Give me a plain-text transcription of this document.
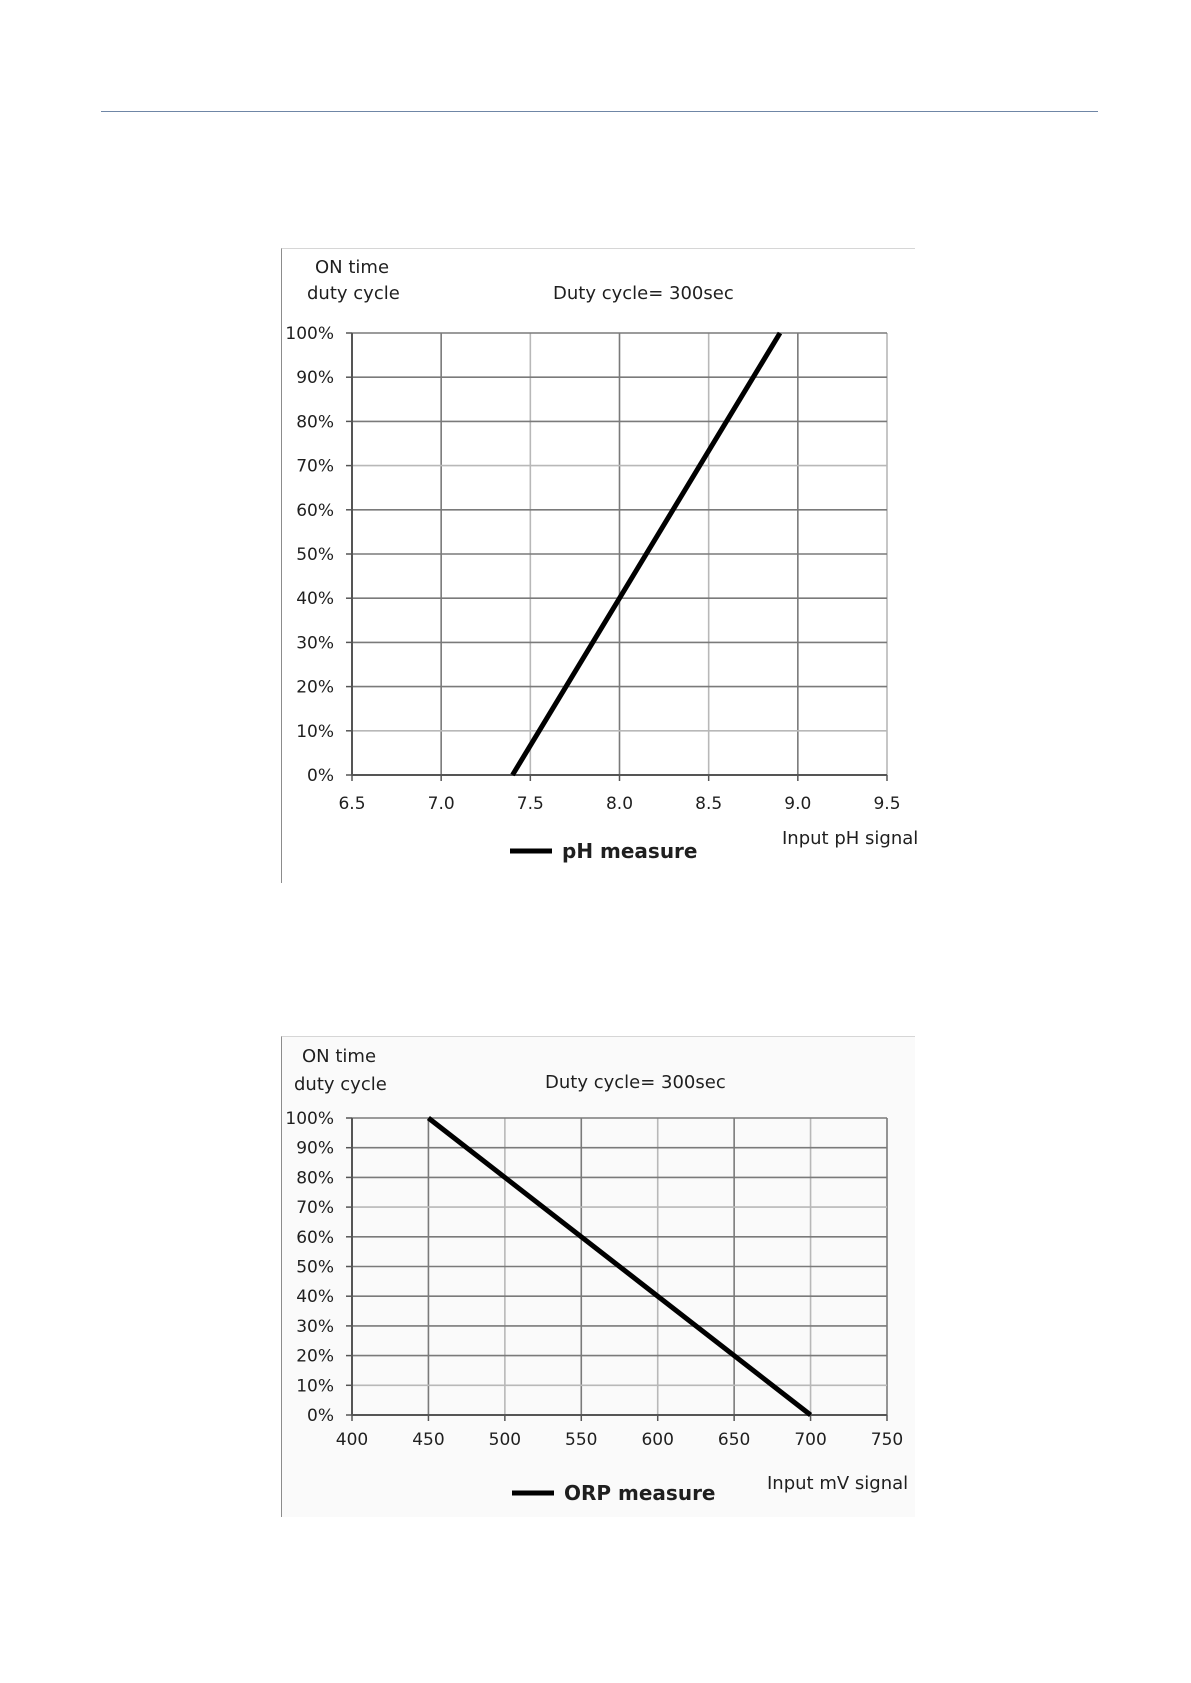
ON time
duty cycle	Duty cycle= 300sec
6.5	7.0	7.5	8.0	8.5	9.0	9.5
0%
10%
20%
30%
40%
50%
60%
70%
80%
90%
100%
Input pH signal
pH measure
ON time
duty cycle	Duty cycle= 300sec
400	450	500	550	600	650	700	750
0%
10%
20%
30%
40%
50%
60%
70%
80%
90%
100%
Input mV signal
ORP measure
